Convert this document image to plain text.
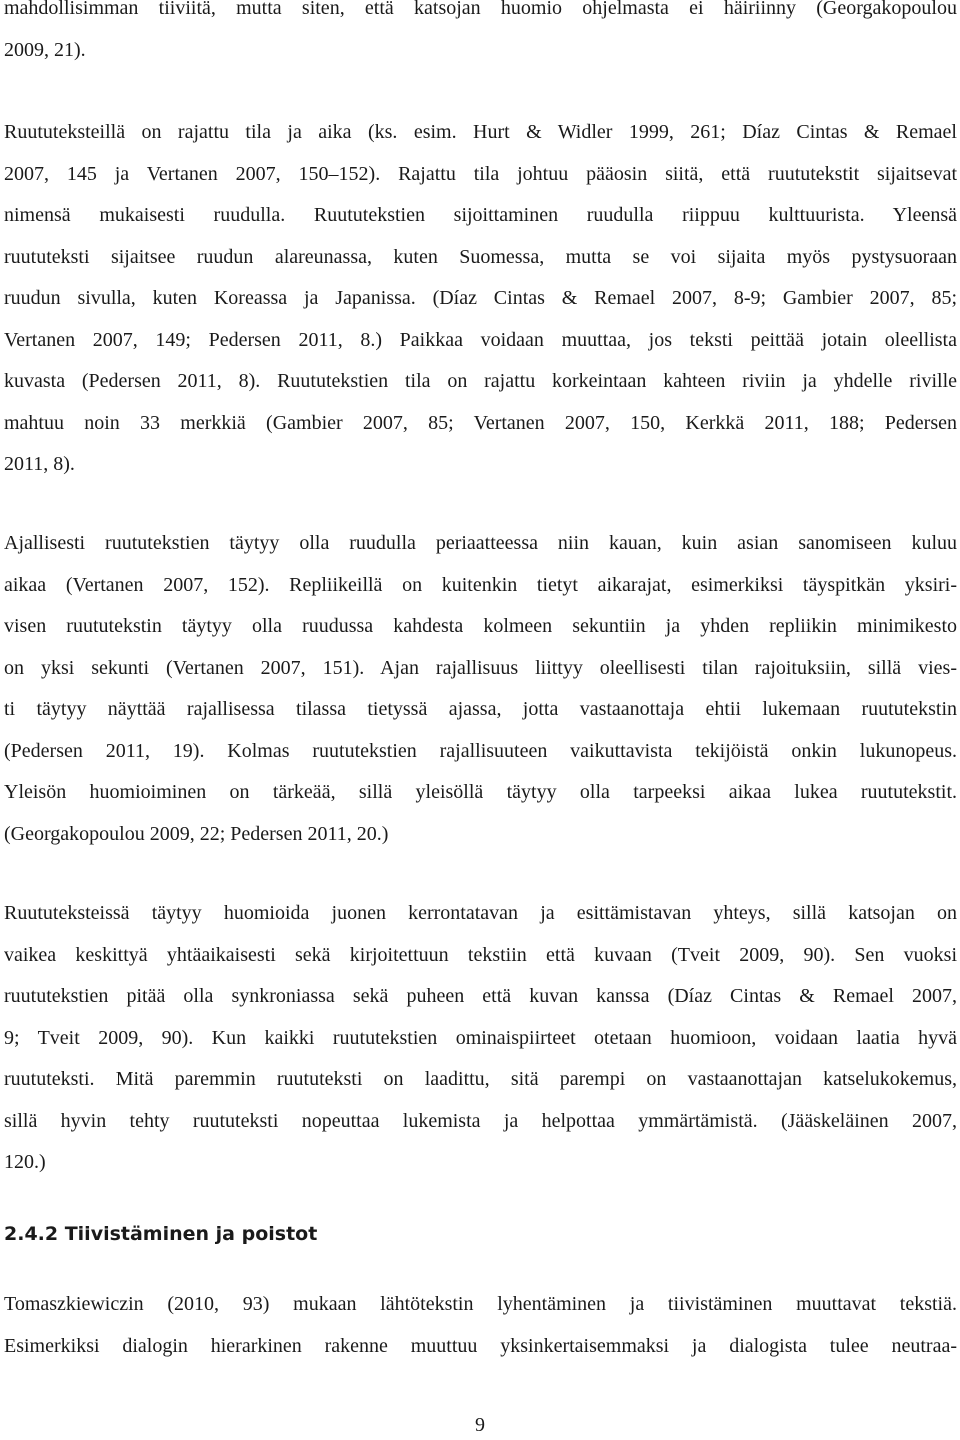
mahdollisimman tiiviitä, mutta siten, että katsojan huomio ohjelmasta ei häiriinny (Georgakopoulou
2009, 21).

Ruututeksteillä on rajattu tila ja aika (ks. esim. Hurt & Widler 1999, 261; Díaz Cintas & Remael
2007, 145 ja Vertanen 2007, 150‒152). Rajattu tila johtuu pääosin siitä, että ruututekstit sijaitsevat
nimensä mukaisesti ruudulla. Ruututekstien sijoittaminen ruudulla riippuu kulttuurista. Yleensä
ruututeksti sijaitsee ruudun alareunassa, kuten Suomessa, mutta se voi sijaita myös pystysuoraan
ruudun sivulla, kuten Koreassa ja Japanissa. (Díaz Cintas & Remael 2007, 8-9; Gambier 2007, 85;
Vertanen 2007, 149; Pedersen 2011, 8.) Paikkaa voidaan muuttaa, jos teksti peittää jotain oleellista
kuvasta (Pedersen 2011, 8). Ruututekstien tila on rajattu korkeintaan kahteen riviin ja yhdelle riville
mahtuu noin 33 merkkiä (Gambier 2007, 85; Vertanen 2007, 150, Kerkkä 2011, 188; Pedersen
2011, 8).

Ajallisesti ruututekstien täytyy olla ruudulla periaatteessa niin kauan, kuin asian sanomiseen kuluu
aikaa (Vertanen 2007, 152). Repliikeillä on kuitenkin tietyt aikarajat, esimerkiksi täyspitkän yksiri-
visen ruututekstin täytyy olla ruudussa kahdesta kolmeen sekuntiin ja yhden repliikin minimikesto
on yksi sekunti (Vertanen 2007, 151). Ajan rajallisuus liittyy oleellisesti tilan rajoituksiin, sillä vies-
ti täytyy näyttää rajallisessa tilassa tietyssä ajassa, jotta vastaanottaja ehtii lukemaan ruututekstin
(Pedersen 2011, 19). Kolmas ruututekstien rajallisuuteen vaikuttavista tekijöistä onkin lukunopeus.
Yleisön huomioiminen on tärkeää, sillä yleisöllä täytyy olla tarpeeksi aikaa lukea ruututekstit.
(Georgakopoulou 2009, 22; Pedersen 2011, 20.)

Ruututeksteissä täytyy huomioida juonen kerrontatavan ja esittämistavan yhteys, sillä katsojan on
vaikea keskittyä yhtäaikaisesti sekä kirjoitettuun tekstiin että kuvaan (Tveit 2009, 90). Sen vuoksi
ruututekstien pitää olla synkroniassa sekä puheen että kuvan kanssa (Díaz Cintas & Remael 2007,
9; Tveit 2009, 90). Kun kaikki ruututekstien ominaispiirteet otetaan huomioon, voidaan laatia hyvä
ruututeksti. Mitä paremmin ruututeksti on laadittu, sitä parempi on vastaanottajan katselukokemus,
sillä hyvin tehty ruututeksti nopeuttaa lukemista ja helpottaa ymmärtämistä. (Jääskeläinen 2007,
120.)

2.4.2 Tiivistäminen ja poistot

Tomaszkiewiczin (2010, 93) mukaan lähtötekstin lyhentäminen ja tiivistäminen muuttavat tekstiä.
Esimerkiksi dialogin hierarkinen rakenne muuttuu yksinkertaisemmaksi ja dialogista tulee neutraa-

9
